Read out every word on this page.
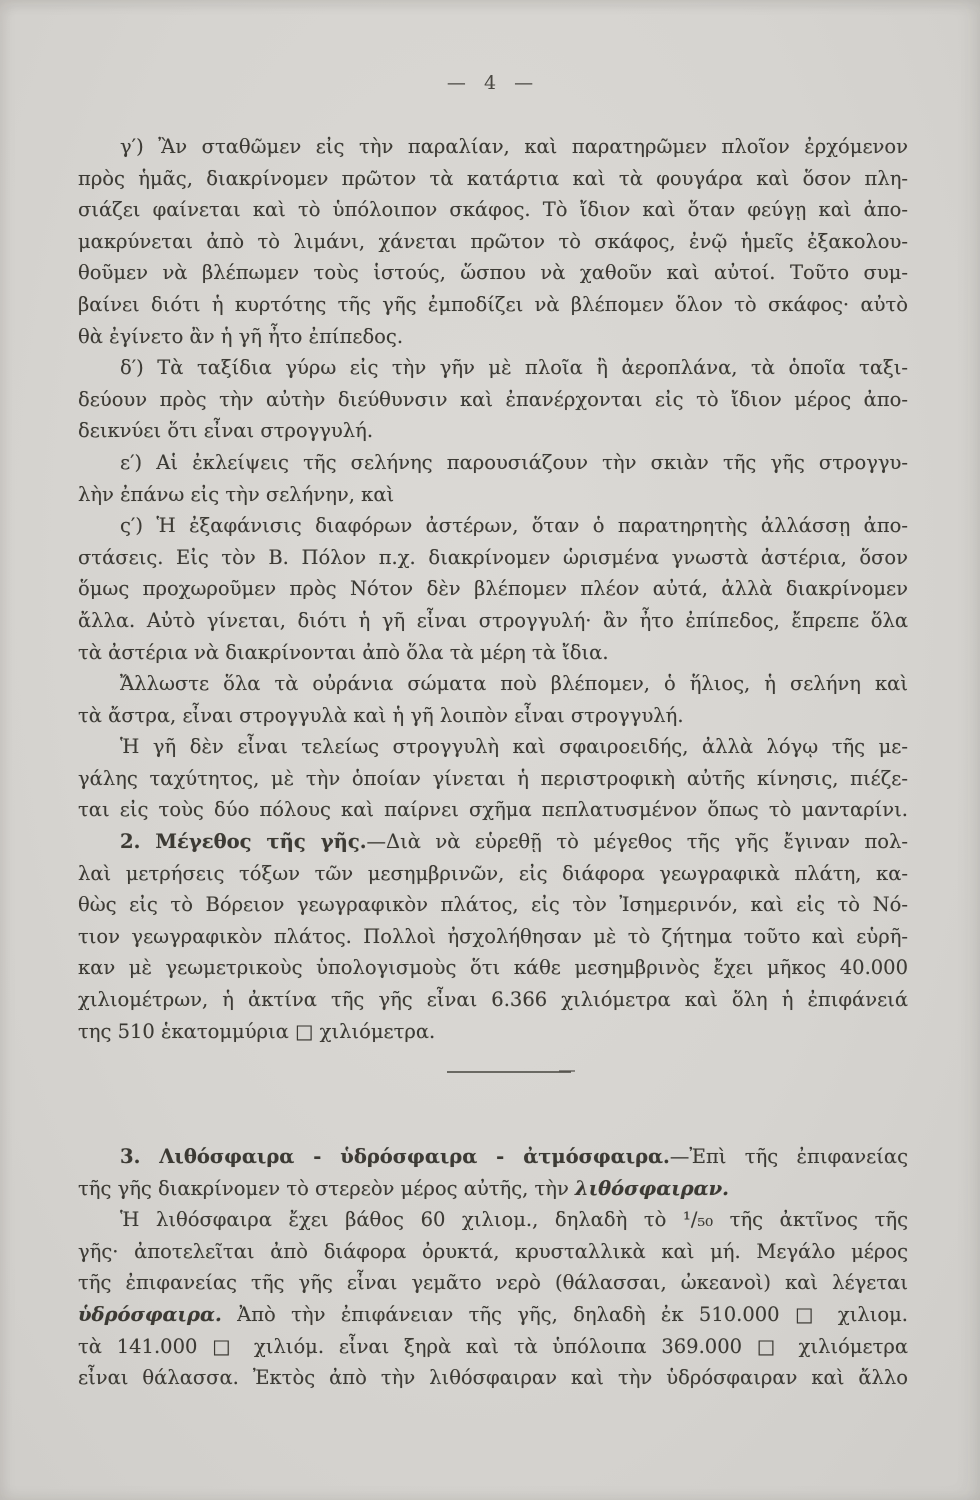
— 4 —

γ′) Ἂν σταθῶμεν εἰς τὴν παραλίαν, καὶ παρατηρῶμεν πλοῖον ἐρχόμενον

πρὸς ἡμᾶς, διακρίνομεν πρῶτον τὰ κατάρτια καὶ τὰ φουγάρα καὶ ὅσον πλη-

σιάζει φαίνεται καὶ τὸ ὑπόλοιπον σκάφος. Τὸ ἴδιον καὶ ὅταν φεύγῃ καὶ ἀπο-

μακρύνεται ἀπὸ τὸ λιμάνι, χάνεται πρῶτον τὸ σκάφος, ἐνῷ ἡμεῖς ἐξακολου-

θοῦμεν νὰ βλέπωμεν τοὺς ἱστούς, ὥσπου νὰ χαθοῦν καὶ αὐτοί. Τοῦτο συμ-

βαίνει διότι ἡ κυρτότης τῆς γῆς ἐμποδίζει νὰ βλέπομεν ὅλον τὸ σκάφος· αὐτὸ

θὰ ἐγίνετο ἂν ἡ γῆ ἦτο ἐπίπεδος.

δ′) Τὰ ταξίδια γύρω εἰς τὴν γῆν μὲ πλοῖα ἢ ἀεροπλάνα, τὰ ὁποῖα ταξι-

δεύουν πρὸς τὴν αὐτὴν διεύθυνσιν καὶ ἐπανέρχονται εἰς τὸ ἴδιον μέρος ἀπο-

δεικνύει ὅτι εἶναι στρογγυλή.

ε′) Αἱ ἐκλείψεις τῆς σελήνης παρουσιάζουν τὴν σκιὰν τῆς γῆς στρογγυ-

λὴν ἐπάνω εἰς τὴν σελήνην, καὶ

ς′) Ἡ ἐξαφάνισις διαφόρων ἀστέρων, ὅταν ὁ παρατηρητὴς ἀλλάσσῃ ἀπο-

στάσεις. Εἰς τὸν Β. Πόλον π.χ. διακρίνομεν ὡρισμένα γνωστὰ ἀστέρια, ὅσον

ὅμως προχωροῦμεν πρὸς Νότον δὲν βλέπομεν πλέον αὐτά, ἀλλὰ διακρίνομεν

ἄλλα. Αὐτὸ γίνεται, διότι ἡ γῆ εἶναι στρογγυλή· ἂν ἦτο ἐπίπεδος, ἔπρεπε ὅλα

τὰ ἀστέρια νὰ διακρίνονται ἀπὸ ὅλα τὰ μέρη τὰ ἴδια.

Ἄλλωστε ὅλα τὰ οὐράνια σώματα ποὺ βλέπομεν, ὁ ἥλιος, ἡ σελήνη καὶ

τὰ ἄστρα, εἶναι στρογγυλὰ καὶ ἡ γῆ λοιπὸν εἶναι στρογγυλή.

Ἡ γῆ δὲν εἶναι τελείως στρογγυλὴ καὶ σφαιροειδής, ἀλλὰ λόγῳ τῆς με-

γάλης ταχύτητος, μὲ τὴν ὁποίαν γίνεται ἡ περιστροφικὴ αὐτῆς κίνησις, πιέζε-

ται εἰς τοὺς δύο πόλους καὶ παίρνει σχῆμα πεπλατυσμένον ὅπως τὸ μανταρίνι.

2. Μέγεθος τῆς γῆς.—Διὰ νὰ εὑρεθῇ τὸ μέγεθος τῆς γῆς ἔγιναν πολ-

λαὶ μετρήσεις τόξων τῶν μεσημβρινῶν, εἰς διάφορα γεωγραφικὰ πλάτη, κα-

θὼς εἰς τὸ Βόρειον γεωγραφικὸν πλάτος, εἰς τὸν Ἰσημερινόν, καὶ εἰς τὸ Νό-

τιον γεωγραφικὸν πλάτος. Πολλοὶ ἠσχολήθησαν μὲ τὸ ζήτημα τοῦτο καὶ εὑρῆ-

καν μὲ γεωμετρικοὺς ὑπολογισμοὺς ὅτι κάθε μεσημβρινὸς ἔχει μῆκος 40.000

χιλιομέτρων, ἡ ἀκτίνα τῆς γῆς εἶναι 6.366 χιλιόμετρα καὶ ὅλη ἡ ἐπιφάνειά

της 510 ἑκατομμύρια □ χιλιόμετρα.

3. Λιθόσφαιρα - ὑδρόσφαιρα - ἀτμόσφαιρα.—Ἐπὶ τῆς ἐπιφανείας

τῆς γῆς διακρίνομεν τὸ στερεὸν μέρος αὐτῆς, τὴν λιθόσφαιραν.

Ἡ λιθόσφαιρα ἔχει βάθος 60 χιλιομ., δηλαδὴ τὸ ¹/₅₀ τῆς ἀκτῖνος τῆς

γῆς· ἀποτελεῖται ἀπὸ διάφορα ὀρυκτά, κρυσταλλικὰ καὶ μή. Μεγάλο μέρος

τῆς ἐπιφανείας τῆς γῆς εἶναι γεμᾶτο νερὸ (θάλασσαι, ὠκεανοὶ) καὶ λέγεται

ὑδρόσφαιρα. Ἀπὸ τὴν ἐπιφάνειαν τῆς γῆς, δηλαδὴ ἐκ 510.000 □ χιλιομ.

τὰ 141.000 □ χιλιόμ. εἶναι ξηρὰ καὶ τὰ ὑπόλοιπα 369.000 □ χιλιόμετρα

εἶναι θάλασσα. Ἐκτὸς ἀπὸ τὴν λιθόσφαιραν καὶ τὴν ὑδρόσφαιραν καὶ ἄλλο
